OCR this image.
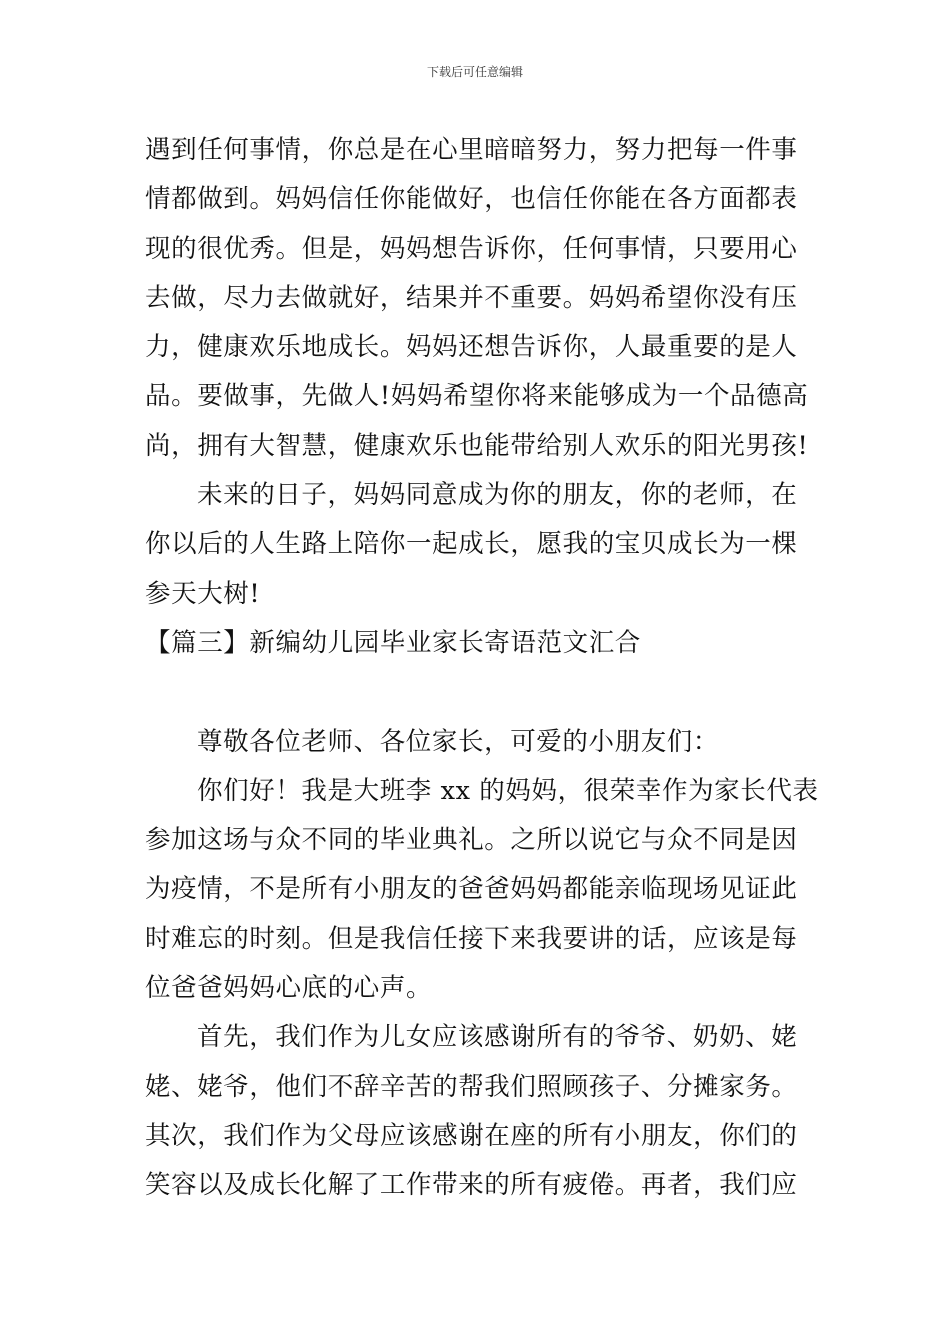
下载后可任意编辑
遇到任何事情，你总是在心里暗暗努力，努力把每一件事
情都做到。妈妈信任你能做好，也信任你能在各方面都表
现的很优秀。但是，妈妈想告诉你，任何事情，只要用心
去做，尽力去做就好，结果并不重要。妈妈希望你没有压
力，健康欢乐地成长。妈妈还想告诉你，人最重要的是人
品。要做事，先做人!妈妈希望你将来能够成为一个品德高
尚，拥有大智慧，健康欢乐也能带给别人欢乐的阳光男孩!
未来的日子，妈妈同意成为你的朋友，你的老师，在
你以后的人生路上陪你一起成长，愿我的宝贝成长为一棵
参天大树!
【篇三】新编幼儿园毕业家长寄语范文汇合
尊敬各位老师、各位家长，可爱的小朋友们：
你们好！我是大班李 xx 的妈妈，很荣幸作为家长代表
参加这场与众不同的毕业典礼。之所以说它与众不同是因
为疫情，不是所有小朋友的爸爸妈妈都能亲临现场见证此
时难忘的时刻。但是我信任接下来我要讲的话，应该是每
位爸爸妈妈心底的心声。
首先，我们作为儿女应该感谢所有的爷爷、奶奶、姥
姥、姥爷，他们不辞辛苦的帮我们照顾孩子、分摊家务。
其次，我们作为父母应该感谢在座的所有小朋友，你们的
笑容以及成长化解了工作带来的所有疲倦。再者，我们应
